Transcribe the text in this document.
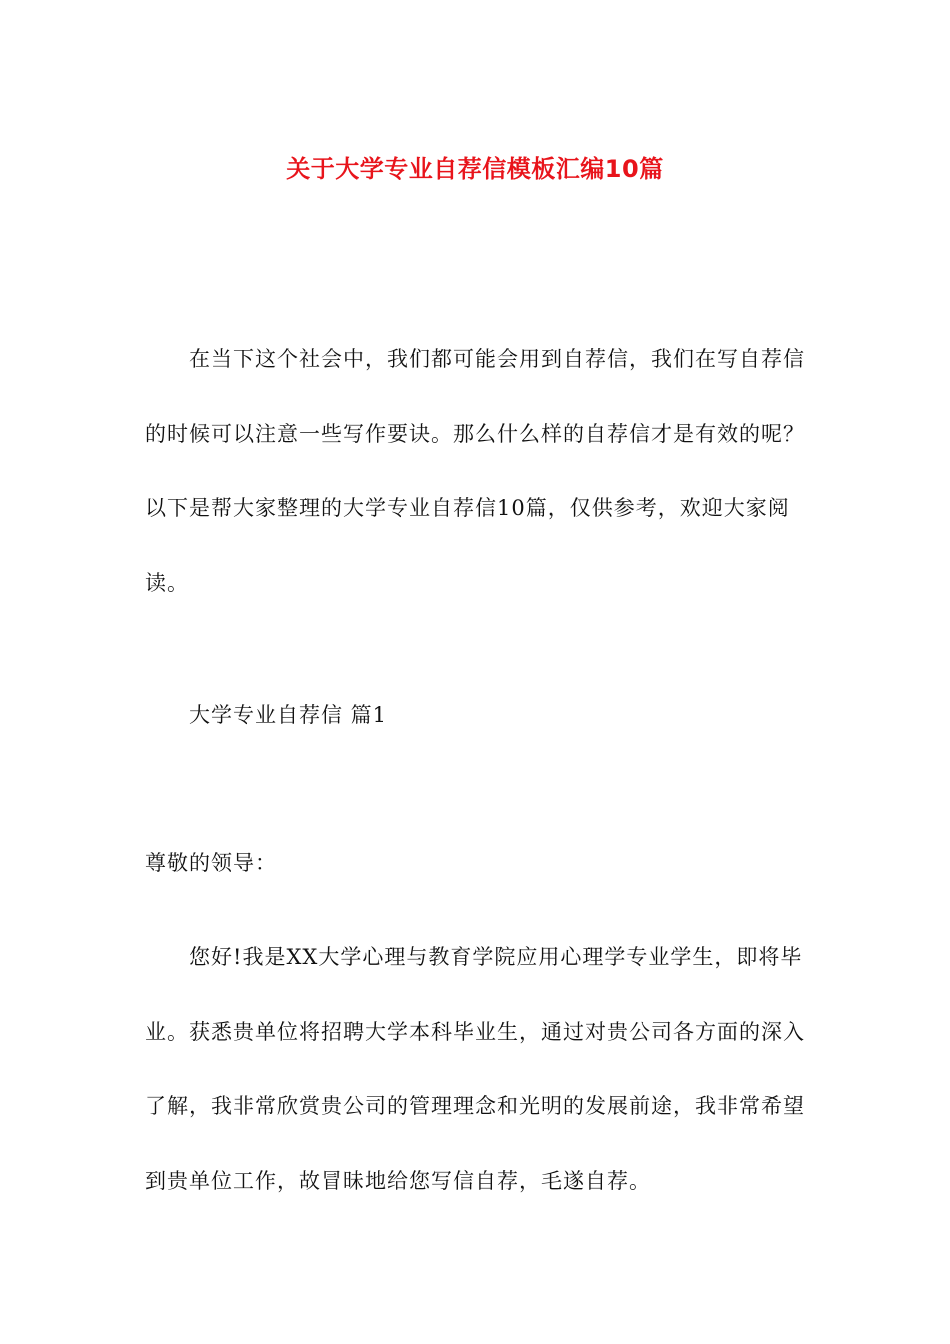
关于大学专业自荐信模板汇编10篇

在当下这个社会中，我们都可能会用到自荐信，我们在写自荐信的时候可以注意一些写作要诀。那么什么样的自荐信才是有效的呢？以下是帮大家整理的大学专业自荐信10篇，仅供参考，欢迎大家阅读。

大学专业自荐信 篇1

尊敬的领导：

您好!我是XX大学心理与教育学院应用心理学专业学生，即将毕业。获悉贵单位将招聘大学本科毕业生，通过对贵公司各方面的深入了解，我非常欣赏贵公司的管理理念和光明的发展前途，我非常希望到贵单位工作，故冒昧地给您写信自荐，毛遂自荐。
